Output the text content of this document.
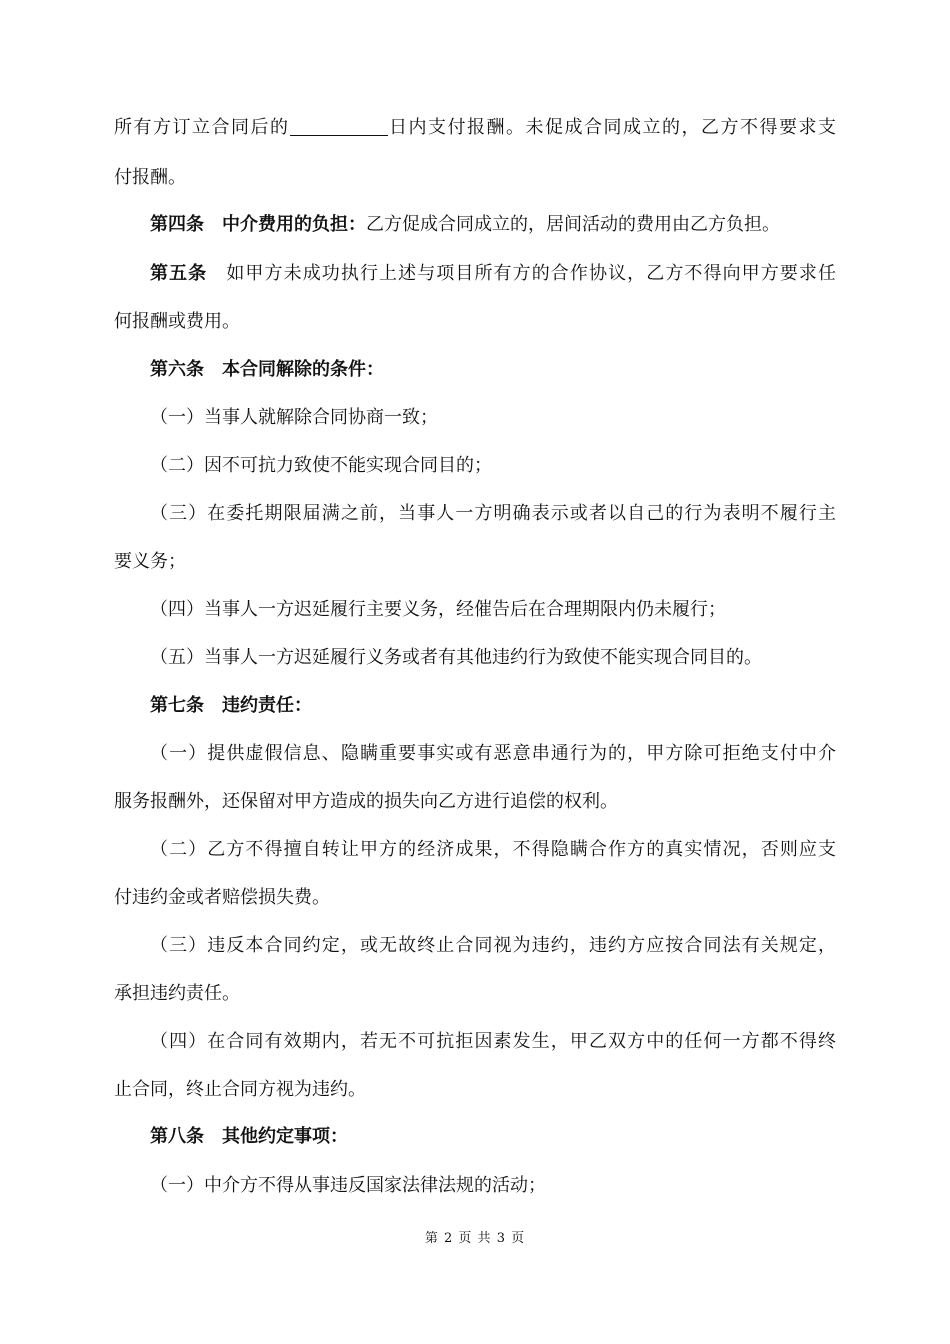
所有方订立合同后的	日内支付报酬。未促成合同成立的，乙方不得要求支
付报酬。
第四条　中介费用的负担：乙方促成合同成立的，居间活动的费用由乙方负担。
第五条　如甲方未成功执行上述与项目所有方的合作协议，乙方不得向甲方要求任
何报酬或费用。
第六条　本合同解除的条件：
（一）当事人就解除合同协商一致；
（二）因不可抗力致使不能实现合同目的；
（三）在委托期限届满之前，当事人一方明确表示或者以自己的行为表明不履行主
要义务；
（四）当事人一方迟延履行主要义务，经催告后在合理期限内仍未履行；
（五）当事人一方迟延履行义务或者有其他违约行为致使不能实现合同目的。
第七条　违约责任：
（一）提供虚假信息、隐瞒重要事实或有恶意串通行为的，甲方除可拒绝支付中介
服务报酬外，还保留对甲方造成的损失向乙方进行追偿的权利。
（二）乙方不得擅自转让甲方的经济成果，不得隐瞒合作方的真实情况，否则应支
付违约金或者赔偿损失费。
（三）违反本合同约定，或无故终止合同视为违约，违约方应按合同法有关规定，
承担违约责任。
（四）在合同有效期内，若无不可抗拒因素发生，甲乙双方中的任何一方都不得终
止合同，终止合同方视为违约。
第八条　其他约定事项：
（一）中介方不得从事违反国家法律法规的活动；
第 2 页 共 3 页
